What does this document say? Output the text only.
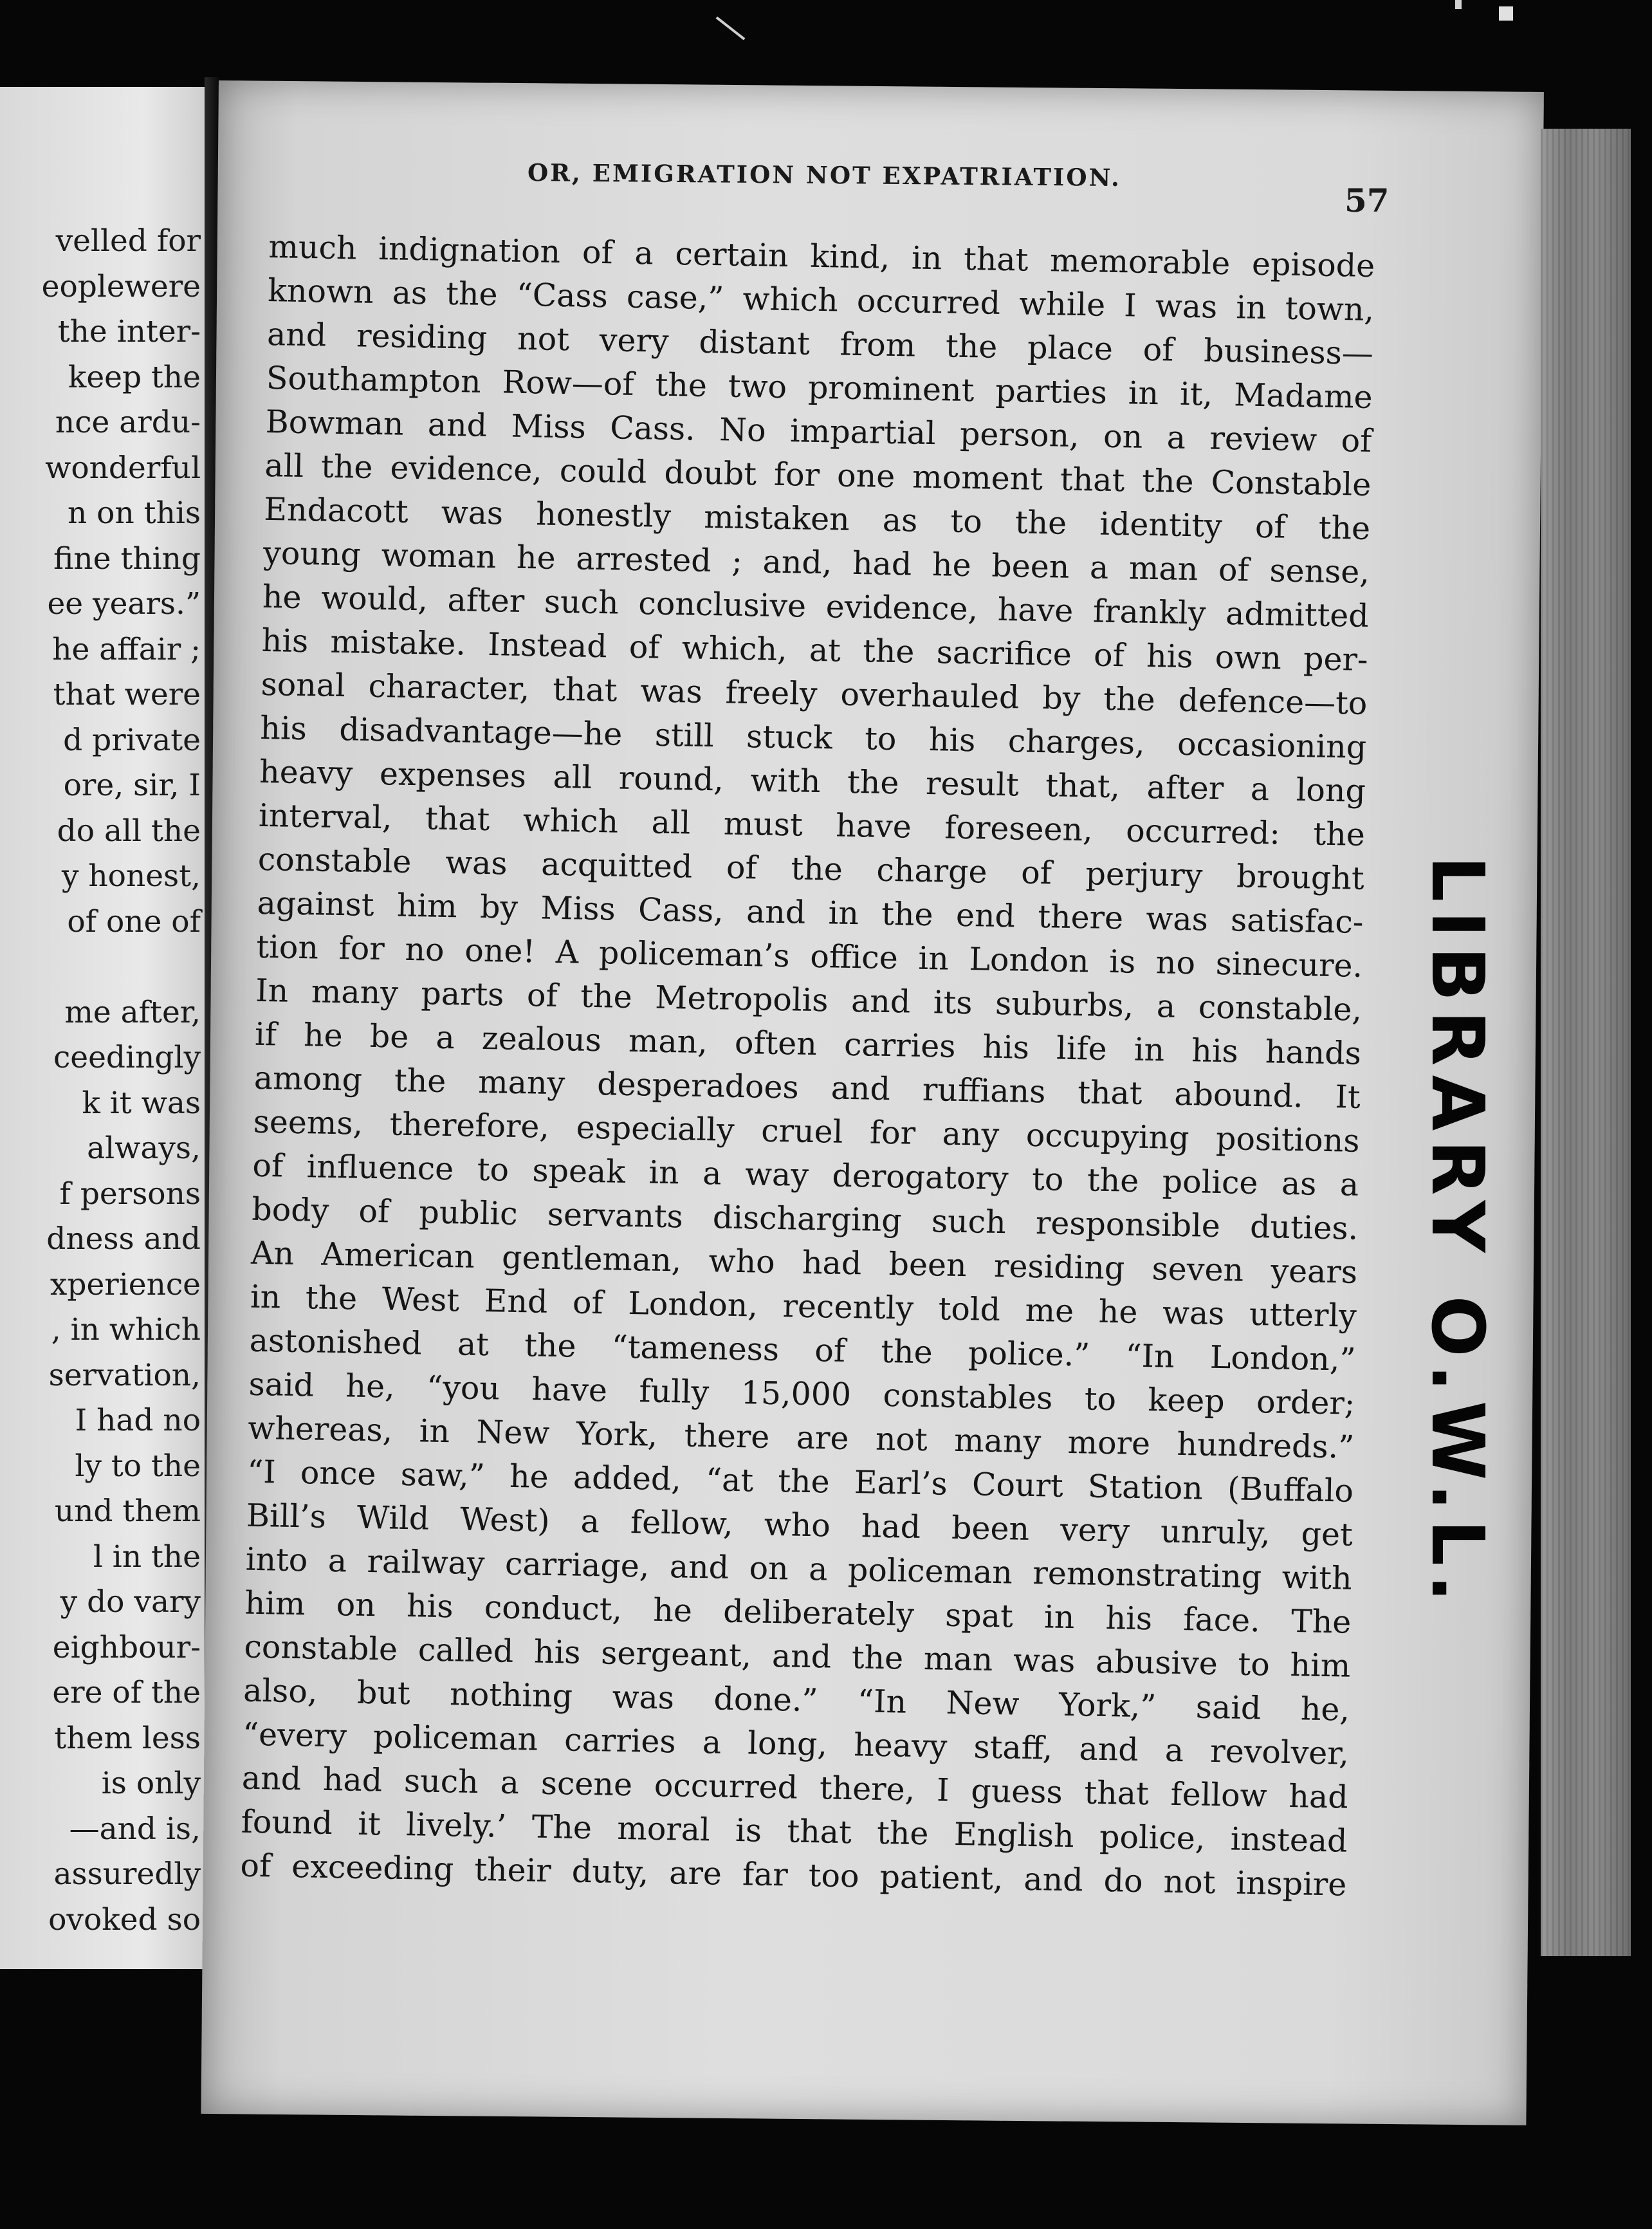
velled for
eoplewere
the inter-
keep the
nce ardu-
wonderful
n on this
fine thing
ee years.”
he affair ;
that were
d private
ore, sir, I
do all the
y honest,
of one of

me after,
ceedingly
k it was
always,
f persons
dness and
xperience
, in which
servation,
I had no
ly to the
und them
l in the
y do vary
eighbour-
ere of the
them less
is only
—and is,
assuredly
ovoked so
LIBRARY O.W.L.
OR, EMIGRATION NOT EXPATRIATION.
57
much indignation of a certain kind, in that memorable episode
known as the “Cass case,” which occurred while I was in town,
and residing not very distant from the place of business—
Southampton Row—of the two prominent parties in it, Madame
Bowman and Miss Cass. No impartial person, on a review of
all the evidence, could doubt for one moment that the Constable
Endacott was honestly mistaken as to the identity of the
young woman he arrested ; and, had he been a man of sense,
he would, after such conclusive evidence, have frankly admitted
his mistake. Instead of which, at the sacrifice of his own per-
sonal character, that was freely overhauled by the defence—to
his disadvantage—he still stuck to his charges, occasioning
heavy expenses all round, with the result that, after a long
interval, that which all must have foreseen, occurred: the
constable was acquitted of the charge of perjury brought
against him by Miss Cass, and in the end there was satisfac-
tion for no one! A policeman’s office in London is no sinecure.
In many parts of the Metropolis and its suburbs, a constable,
if he be a zealous man, often carries his life in his hands
among the many desperadoes and ruffians that abound. It
seems, therefore, especially cruel for any occupying positions
of influence to speak in a way derogatory to the police as a
body of public servants discharging such responsible duties.
An American gentleman, who had been residing seven years
in the West End of London, recently told me he was utterly
astonished at the “tameness of the police.” “In London,”
said he, “you have fully 15,000 constables to keep order;
whereas, in New York, there are not many more hundreds.”
“I once saw,” he added, “at the Earl’s Court Station (Buffalo
Bill’s Wild West) a fellow, who had been very unruly, get
into a railway carriage, and on a policeman remonstrating with
him on his conduct, he deliberately spat in his face. The
constable called his sergeant, and the man was abusive to him
also, but nothing was done.” “In New York,” said he,
“every policeman carries a long, heavy staff, and a revolver,
and had such a scene occurred there, I guess that fellow had
found it lively.’ The moral is that the English police, instead
of exceeding their duty, are far too patient, and do not inspire
